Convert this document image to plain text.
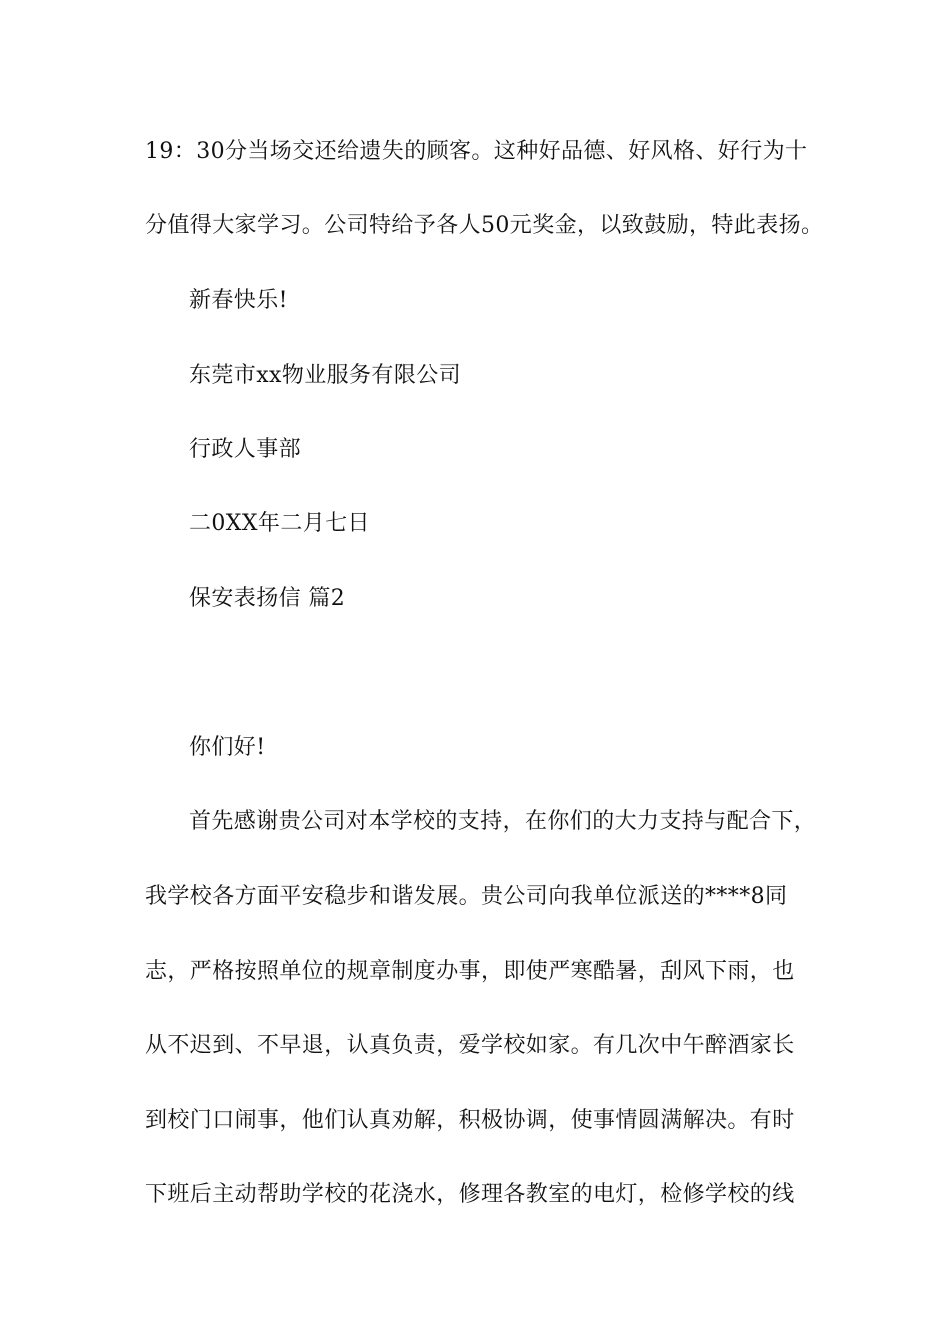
19：30分当场交还给遗失的顾客。这种好品德、好风格、好行为十
分值得大家学习。公司特给予各人50元奖金，以致鼓励，特此表扬。
新春快乐!
东莞市xx物业服务有限公司
行政人事部
二0XX年二月七日
保安表扬信 篇2
你们好!
首先感谢贵公司对本学校的支持，在你们的大力支持与配合下，
我学校各方面平安稳步和谐发展。贵公司向我单位派送的****8同
志，严格按照单位的规章制度办事，即使严寒酷暑，刮风下雨，也
从不迟到、不早退，认真负责，爱学校如家。有几次中午醉酒家长
到校门口闹事，他们认真劝解，积极协调，使事情圆满解决。有时
下班后主动帮助学校的花浇水，修理各教室的电灯，检修学校的线
